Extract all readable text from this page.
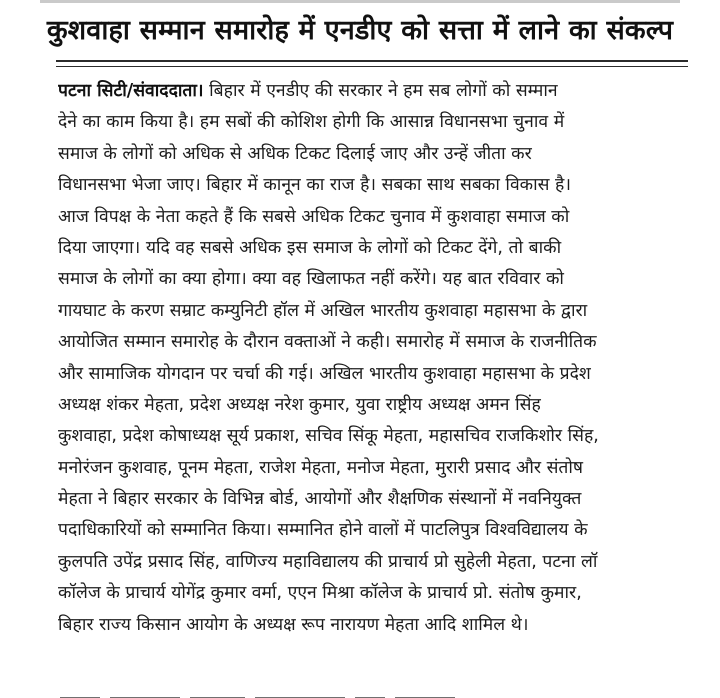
कुशवाहा सम्मान समारोह में एनडीए को सत्ता में लाने का संकल्प
पटना सिटी/संवाददाता। बिहार में एनडीए की सरकार ने हम सब लोगों को सम्मान
देने का काम किया है। हम सबों की कोशिश होगी कि आसान्न विधानसभा चुनाव में
समाज के लोगों को अधिक से अधिक टिकट दिलाई जाए और उन्हें जीता कर
विधानसभा भेजा जाए। बिहार में कानून का राज है। सबका साथ सबका विकास है।
आज विपक्ष के नेता कहते हैं कि सबसे अधिक टिकट चुनाव में कुशवाहा समाज को
दिया जाएगा। यदि वह सबसे अधिक इस समाज के लोगों को टिकट देंगे, तो बाकी
समाज के लोगों का क्या होगा। क्या वह खिलाफत नहीं करेंगे। यह बात रविवार को
गायघाट के करण सम्राट कम्युनिटी हॉल में अखिल भारतीय कुशवाहा महासभा के द्वारा
आयोजित सम्मान समारोह के दौरान वक्ताओं ने कही। समारोह में समाज के राजनीतिक
और सामाजिक योगदान पर चर्चा की गई। अखिल भारतीय कुशवाहा महासभा के प्रदेश
अध्यक्ष शंकर मेहता, प्रदेश अध्यक्ष नरेश कुमार, युवा राष्ट्रीय अध्यक्ष अमन सिंह
कुशवाहा, प्रदेश कोषाध्यक्ष सूर्य प्रकाश, सचिव सिंकू मेहता, महासचिव राजकिशोर सिंह,
मनोरंजन कुशवाह, पूनम मेहता, राजेश मेहता, मनोज मेहता, मुरारी प्रसाद और संतोष
मेहता ने बिहार सरकार के विभिन्न बोर्ड, आयोगों और शैक्षणिक संस्थानों में नवनियुक्त
पदाधिकारियों को सम्मानित किया। सम्मानित होने वालों में पाटलिपुत्र विश्वविद्यालय के
कुलपति उपेंद्र प्रसाद सिंह, वाणिज्य महाविद्यालय की प्राचार्य प्रो सुहेली मेहता, पटना लॉ
कॉलेज के प्राचार्य योगेंद्र कुमार वर्मा, एएन मिश्रा कॉलेज के प्राचार्य प्रो. संतोष कुमार,
बिहार राज्य किसान आयोग के अध्यक्ष रूप नारायण मेहता आदि शामिल थे।
